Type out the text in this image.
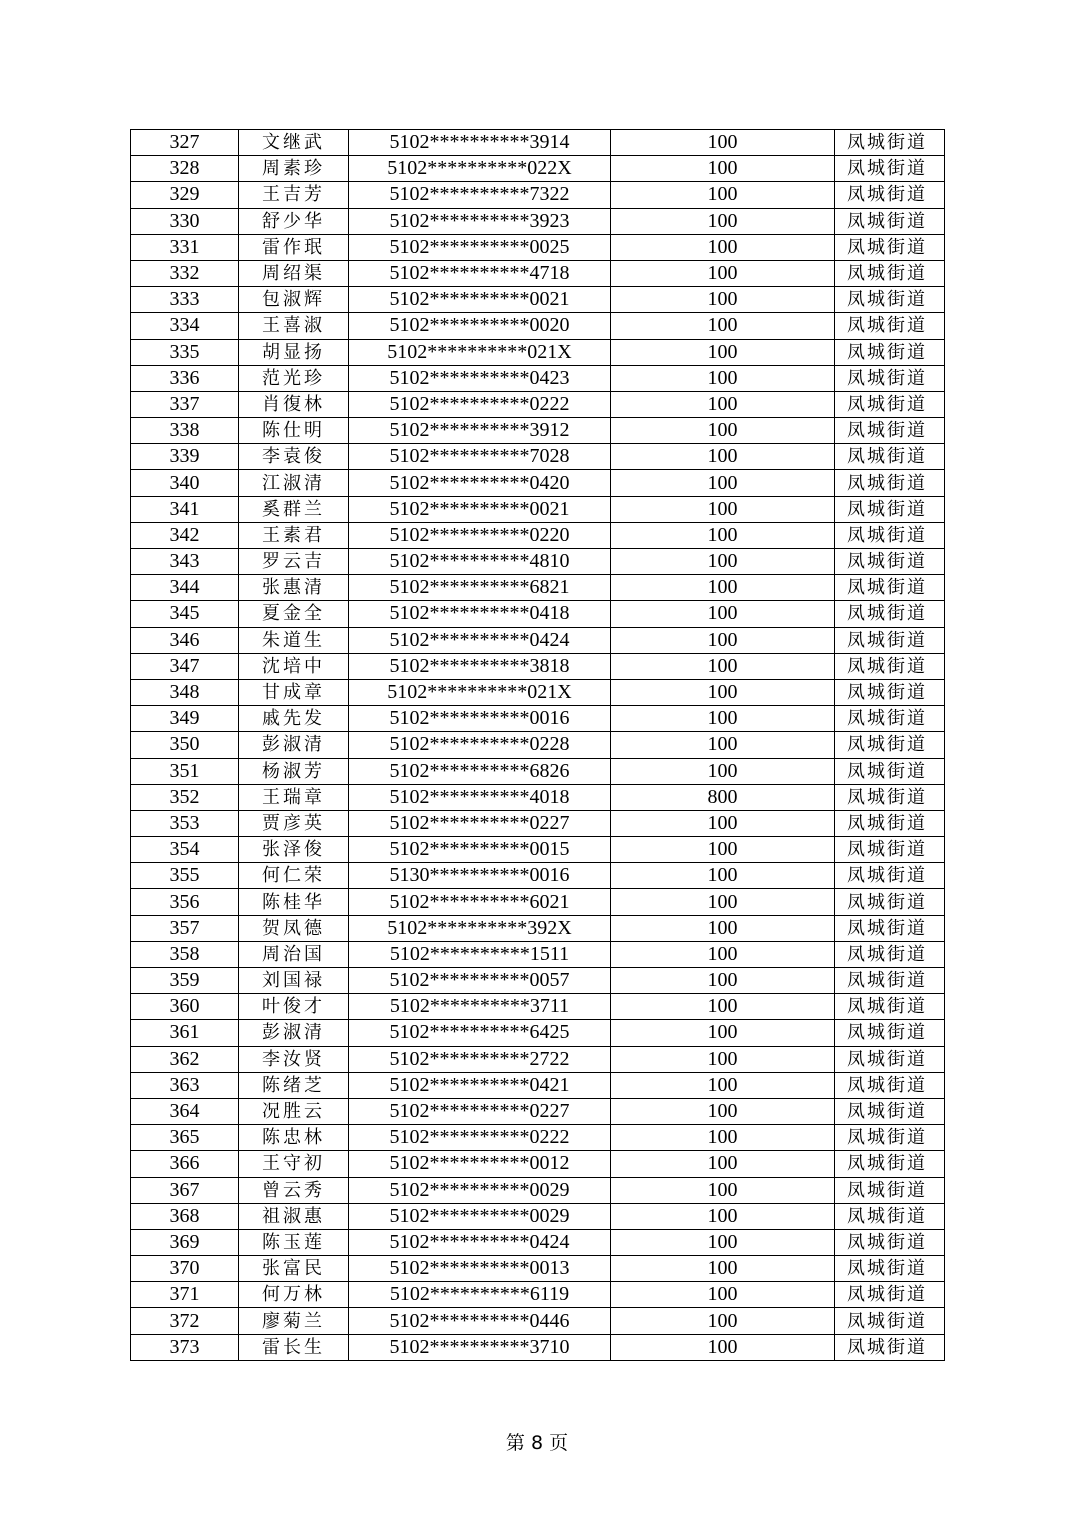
327	文继武	5102**********3914	100	凤城街道
328	周素珍	5102**********022X	100	凤城街道
329	王吉芳	5102**********7322	100	凤城街道
330	舒少华	5102**********3923	100	凤城街道
331	雷作珉	5102**********0025	100	凤城街道
332	周绍渠	5102**********4718	100	凤城街道
333	包淑辉	5102**********0021	100	凤城街道
334	王喜淑	5102**********0020	100	凤城街道
335	胡显扬	5102**********021X	100	凤城街道
336	范光珍	5102**********0423	100	凤城街道
337	肖復林	5102**********0222	100	凤城街道
338	陈仕明	5102**********3912	100	凤城街道
339	李袁俊	5102**********7028	100	凤城街道
340	江淑清	5102**********0420	100	凤城街道
341	奚群兰	5102**********0021	100	凤城街道
342	王素君	5102**********0220	100	凤城街道
343	罗云吉	5102**********4810	100	凤城街道
344	张惠清	5102**********6821	100	凤城街道
345	夏金全	5102**********0418	100	凤城街道
346	朱道生	5102**********0424	100	凤城街道
347	沈培中	5102**********3818	100	凤城街道
348	甘成章	5102**********021X	100	凤城街道
349	戚先发	5102**********0016	100	凤城街道
350	彭淑清	5102**********0228	100	凤城街道
351	杨淑芳	5102**********6826	100	凤城街道
352	王瑞章	5102**********4018	800	凤城街道
353	贾彦英	5102**********0227	100	凤城街道
354	张泽俊	5102**********0015	100	凤城街道
355	何仁荣	5130**********0016	100	凤城街道
356	陈桂华	5102**********6021	100	凤城街道
357	贺凤德	5102**********392X	100	凤城街道
358	周治国	5102**********1511	100	凤城街道
359	刘国禄	5102**********0057	100	凤城街道
360	叶俊才	5102**********3711	100	凤城街道
361	彭淑清	5102**********6425	100	凤城街道
362	李汝贤	5102**********2722	100	凤城街道
363	陈绪芝	5102**********0421	100	凤城街道
364	况胜云	5102**********0227	100	凤城街道
365	陈忠林	5102**********0222	100	凤城街道
366	王守初	5102**********0012	100	凤城街道
367	曾云秀	5102**********0029	100	凤城街道
368	祖淑惠	5102**********0029	100	凤城街道
369	陈玉莲	5102**********0424	100	凤城街道
370	张富民	5102**********0013	100	凤城街道
371	何万林	5102**********6119	100	凤城街道
372	廖菊兰	5102**********0446	100	凤城街道
373	雷长生	5102**********3710	100	凤城街道
第 8 页
